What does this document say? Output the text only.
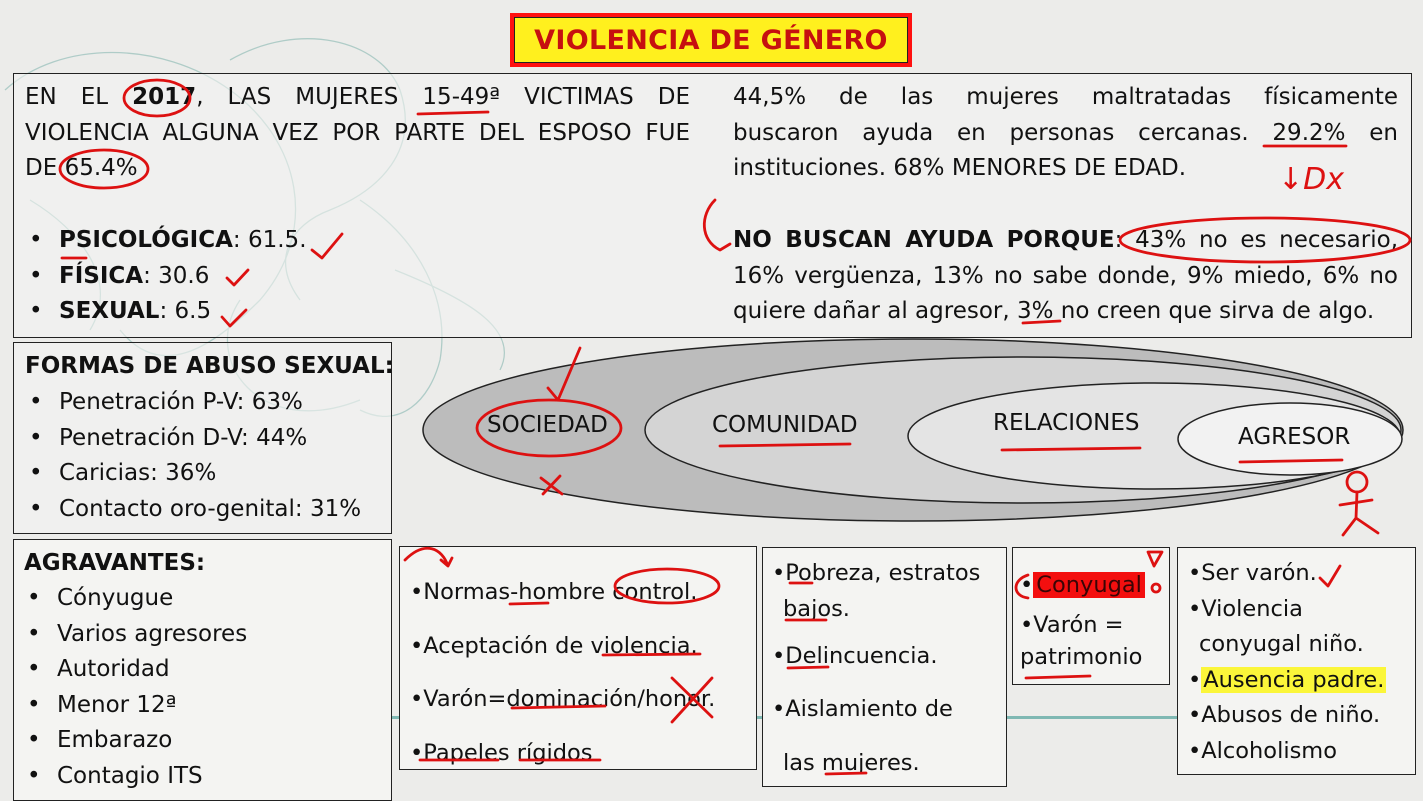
VIOLENCIA DE GÉNERO
EN EL 2017, LAS MUJERES 15-49ª VICTIMAS DE
VIOLENCIA ALGUNA VEZ POR PARTE DEL ESPOSO FUE
DE 65.4%
• PSICOLÓGICA: 61.5.
• FÍSICA: 30.6
• SEXUAL: 6.5
44,5% de las mujeres maltratadas físicamente
buscaron ayuda en personas cercanas. 29.2% en
instituciones. 68% MENORES DE EDAD.	↓Dx
NO BUSCAN AYUDA PORQUE: 43% no es necesario,
16% vergüenza, 13% no sabe donde, 9% miedo, 6% no
quiere dañar al agresor, 3% no creen que sirva de algo.
FORMAS DE ABUSO SEXUAL:
• Penetración P-V: 63%
• Penetración D-V: 44%
• Caricias: 36%
• Contacto oro-genital: 31%
AGRAVANTES:
• Cónyugue
• Varios agresores
• Autoridad
• Menor 12ª
• Embarazo
• Contagio ITS
SOCIEDAD	COMUNIDAD	RELACIONES
AGRESOR
•Normas-hombre control.
•Aceptación de violencia.
•Varón=dominación/honor.
•Papeles rígidos
•Pobreza, estratos
bajos.
•Delincuencia.
•Aislamiento de
las mujeres.
• Conyugal
•Varón =
patrimonio
•Ser varón.
•Violencia
conyugal niño.
•Ausencia padre.
•Abusos de niño.
•Alcoholismo
